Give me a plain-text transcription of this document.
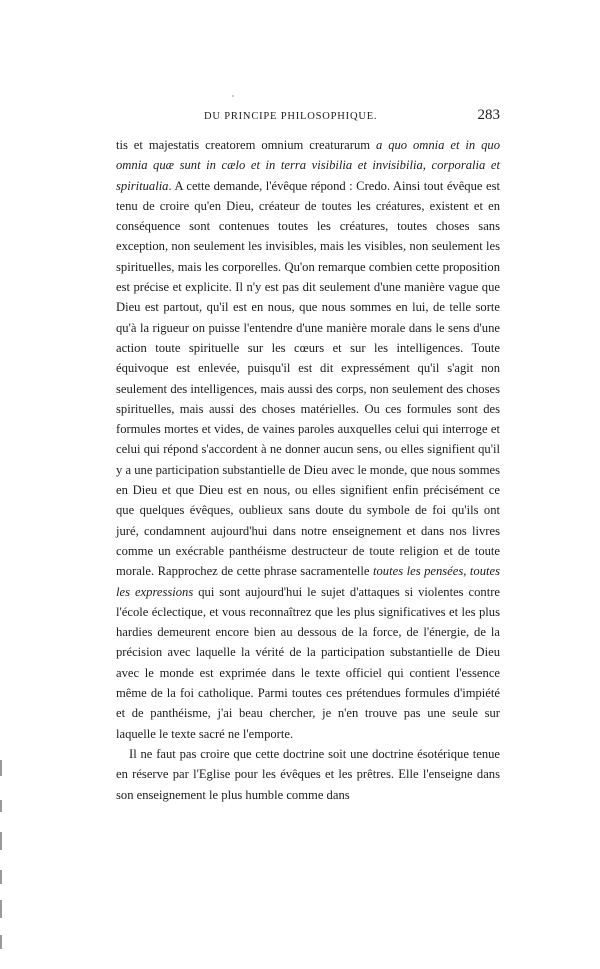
DU PRINCIPE PHILOSOPHIQUE.	283

tis et majestatis creatorem omnium creaturarum a quo omnia et in quo omnia quæ sunt in cælo et in terra visibilia et invisibilia, corporalia et spiritualia. A cette demande, l'évêque répond : Credo. Ainsi tout évêque est tenu de croire qu'en Dieu, créateur de toutes les créatures, existent et en conséquence sont contenues toutes les créatures, toutes choses sans exception, non seulement les invisibles, mais les visibles, non seulement les spirituelles, mais les corporelles. Qu'on remarque combien cette proposition est précise et explicite. Il n'y est pas dit seulement d'une manière vague que Dieu est partout, qu'il est en nous, que nous sommes en lui, de telle sorte qu'à la rigueur on puisse l'entendre d'une manière morale dans le sens d'une action toute spirituelle sur les cœurs et sur les intelligences. Toute équivoque est enlevée, puisqu'il est dit expressément qu'il s'agit non seulement des intelligences, mais aussi des corps, non seulement des choses spirituelles, mais aussi des choses matérielles. Ou ces formules sont des formules mortes et vides, de vaines paroles auxquelles celui qui interroge et celui qui répond s'accordent à ne donner aucun sens, ou elles signifient qu'il y a une participation substantielle de Dieu avec le monde, que nous sommes en Dieu et que Dieu est en nous, ou elles signifient enfin précisément ce que quelques évêques, oublieux sans doute du symbole de foi qu'ils ont juré, condamnent aujourd'hui dans notre enseignement et dans nos livres comme un exécrable panthéisme destructeur de toute religion et de toute morale. Rapprochez de cette phrase sacramentelle toutes les pensées, toutes les expressions qui sont aujourd'hui le sujet d'attaques si violentes contre l'école éclectique, et vous reconnaîtrez que les plus significatives et les plus hardies demeurent encore bien au dessous de la force, de l'énergie, de la précision avec laquelle la vérité de la participation substantielle de Dieu avec le monde est exprimée dans le texte officiel qui contient l'essence même de la foi catholique. Parmi toutes ces prétendues formules d'impiété et de panthéisme, j'ai beau chercher, je n'en trouve pas une seule sur laquelle le texte sacré ne l'emporte.

Il ne faut pas croire que cette doctrine soit une doctrine ésotérique tenue en réserve par l'Eglise pour les évêques et les prêtres. Elle l'enseigne dans son enseignement le plus humble comme dans
